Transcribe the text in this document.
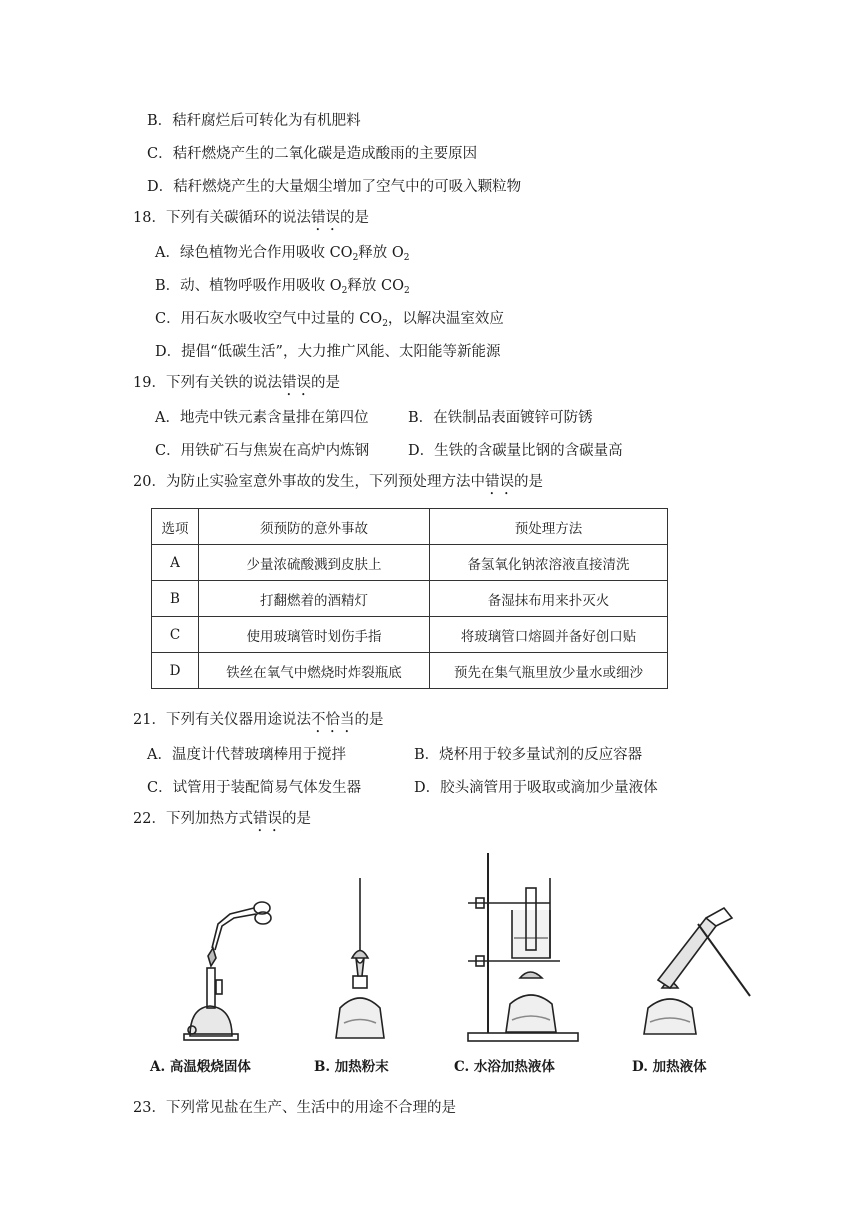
B．秸秆腐烂后可转化为有机肥料
C．秸秆燃烧产生的二氧化碳是造成酸雨的主要原因
D．秸秆燃烧产生的大量烟尘增加了空气中的可吸入颗粒物
18．下列有关碳循环的说法错误的是
A．绿色植物光合作用吸收 $CO_2$释放 $O_2$
B．动、植物呼吸作用吸收 $O_2$释放 $CO_2$
C．用石灰水吸收空气中过量的 $CO_2$，以解决温室效应
D．提倡“低碳生活”，大力推广风能、太阳能等新能源
19．下列有关铁的说法错误的是
A．地壳中铁元素含量排在第四位	B．在铁制品表面镀锌可防锈
C．用铁矿石与焦炭在高炉内炼钢	D．生铁的含碳量比钢的含碳量高
20．为防止实验室意外事故的发生，下列预处理方法中错误的是
选项	须预防的意外事故	预处理方法
A	少量浓硫酸溅到皮肤上	备氢氧化钠浓溶液直接清洗
B	打翻燃着的酒精灯	备湿抹布用来扑灭火
C	使用玻璃管时划伤手指	将玻璃管口熔圆并备好创口贴
D	铁丝在氧气中燃烧时炸裂瓶底	预先在集气瓶里放少量水或细沙
21．下列有关仪器用途说法不恰当的是
A．温度计代替玻璃棒用于搅拌	B．烧杯用于较多量试剂的反应容器
C．试管用于装配简易气体发生器	D．胶头滴管用于吸取或滴加少量液体
22．下列加热方式错误的是
A. 高温煅烧固体	B. 加热粉末	C. 水浴加热液体	D. 加热液体
23．下列常见盐在生产、生活中的用途不合理的是
